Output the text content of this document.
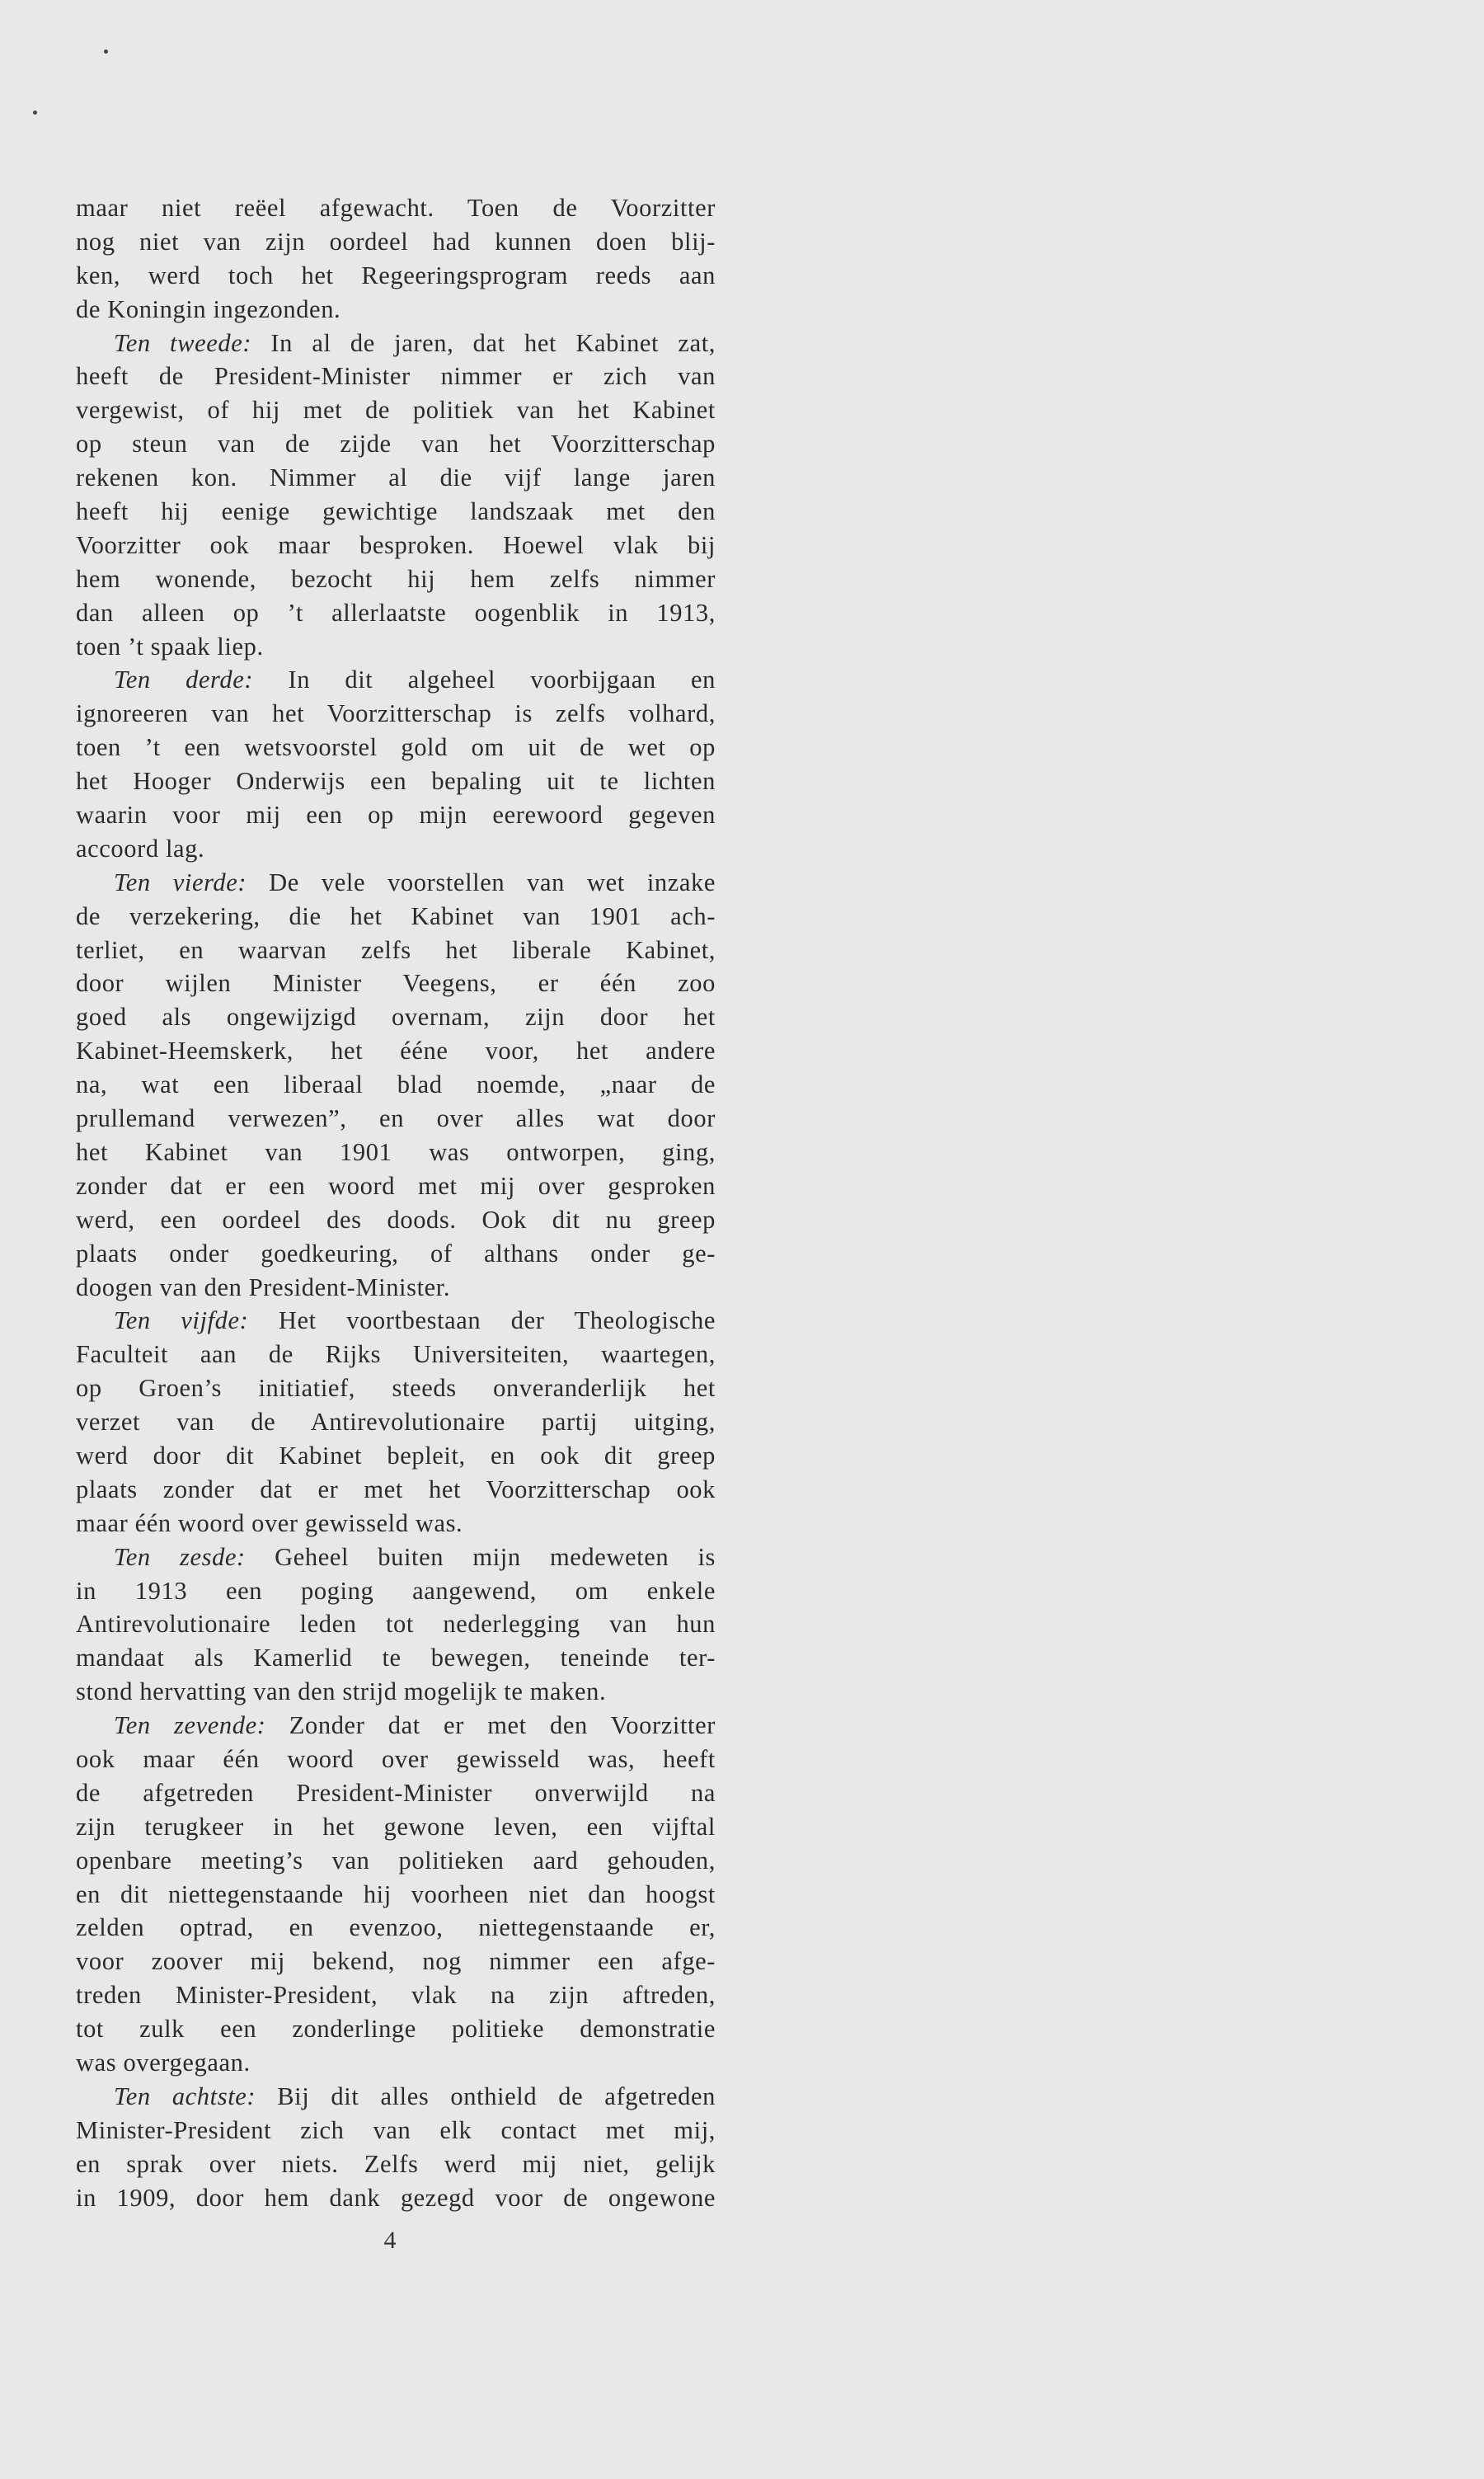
maar niet reëel afgewacht. Toen de Voorzitter
nog niet van zijn oordeel had kunnen doen blij-
ken, werd toch het Regeeringsprogram reeds aan
de Koningin ingezonden.
Ten tweede: In al de jaren, dat het Kabinet zat,
heeft de President-Minister nimmer er zich van
vergewist, of hij met de politiek van het Kabinet
op steun van de zijde van het Voorzitterschap
rekenen kon. Nimmer al die vijf lange jaren
heeft hij eenige gewichtige landszaak met den
Voorzitter ook maar besproken. Hoewel vlak bij
hem wonende, bezocht hij hem zelfs nimmer
dan alleen op ’t allerlaatste oogenblik in 1913,
toen ’t spaak liep.
Ten derde: In dit algeheel voorbijgaan en
ignoreeren van het Voorzitterschap is zelfs volhard,
toen ’t een wetsvoorstel gold om uit de wet op
het Hooger Onderwijs een bepaling uit te lichten
waarin voor mij een op mijn eerewoord gegeven
accoord lag.
Ten vierde: De vele voorstellen van wet inzake
de verzekering, die het Kabinet van 1901 ach-
terliet, en waarvan zelfs het liberale Kabinet,
door wijlen Minister Veegens, er één zoo
goed als ongewijzigd overnam, zijn door het
Kabinet-Heemskerk, het ééne voor, het andere
na, wat een liberaal blad noemde, „naar de
prullemand verwezen”, en over alles wat door
het Kabinet van 1901 was ontworpen, ging,
zonder dat er een woord met mij over gesproken
werd, een oordeel des doods. Ook dit nu greep
plaats onder goedkeuring, of althans onder ge-
doogen van den President-Minister.
Ten vijfde: Het voortbestaan der Theologische
Faculteit aan de Rijks Universiteiten, waartegen,
op Groen’s initiatief, steeds onveranderlijk het
verzet van de Antirevolutionaire partij uitging,
werd door dit Kabinet bepleit, en ook dit greep
plaats zonder dat er met het Voorzitterschap ook
maar één woord over gewisseld was.
Ten zesde: Geheel buiten mijn medeweten is
in 1913 een poging aangewend, om enkele
Antirevolutionaire leden tot nederlegging van hun
mandaat als Kamerlid te bewegen, teneinde ter-
stond hervatting van den strijd mogelijk te maken.
Ten zevende: Zonder dat er met den Voorzitter
ook maar één woord over gewisseld was, heeft
de afgetreden President-Minister onverwijld na
zijn terugkeer in het gewone leven, een vijftal
openbare meeting’s van politieken aard gehouden,
en dit niettegenstaande hij voorheen niet dan hoogst
zelden optrad, en evenzoo, niettegenstaande er,
voor zoover mij bekend, nog nimmer een afge-
treden Minister-President, vlak na zijn aftreden,
tot zulk een zonderlinge politieke demonstratie
was overgegaan.
Ten achtste: Bij dit alles onthield de afgetreden
Minister-President zich van elk contact met mij,
en sprak over niets. Zelfs werd mij niet, gelijk
in 1909, door hem dank gezegd voor de ongewone
4
